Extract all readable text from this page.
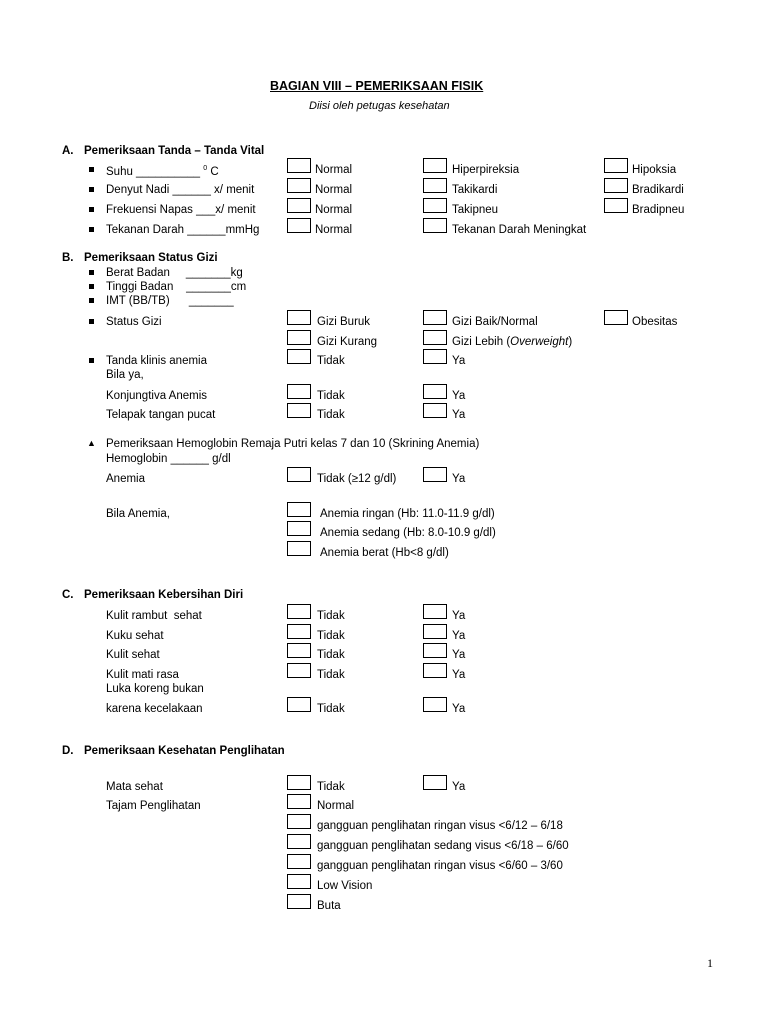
BAGIAN VIII – PEMERIKSAAN FISIK
Diisi oleh petugas kesehatan
A. Pemeriksaan Tanda – Tanda Vital
Suhu __________ $^0$ C	Normal	Hiperpireksia	Hipoksia
Denyut Nadi ______ x/ menit	Normal	Takikardi	Bradikardi
Frekuensi Napas ___x/ menit	Normal	Takipneu	Bradipneu
Tekanan Darah ______mmHg	Normal	Tekanan Darah Meningkat
B. Pemeriksaan Status Gizi
Berat Badan     _______kg
Tinggi Badan    _______cm
IMT (BB/TB)      _______
Status Gizi	Gizi Buruk	Gizi Baik/Normal	Obesitas
Gizi Kurang	Gizi Lebih (Overweight)
Tanda klinis anemia	Tidak	Ya
Bila ya,
Konjungtiva Anemis	Tidak	Ya
Telapak tangan pucat	Tidak	Ya
▲ Pemeriksaan Hemoglobin Remaja Putri kelas 7 dan 10 (Skrining Anemia)
Hemoglobin ______ g/dl
Anemia	Tidak (≥12 g/dl)	Ya
Bila Anemia,	Anemia ringan (Hb: 11.0-11.9 g/dl)
Anemia sedang (Hb: 8.0-10.9 g/dl)
Anemia berat (Hb<8 g/dl)
C. Pemeriksaan Kebersihan Diri
Kulit rambut  sehat	Tidak	Ya
Kuku sehat	Tidak	Ya
Kulit sehat	Tidak	Ya
Kulit mati rasa	Tidak	Ya
Luka koreng bukan
karena kecelakaan	Tidak	Ya
D. Pemeriksaan Kesehatan Penglihatan
Mata sehat	Tidak	Ya
Tajam Penglihatan	Normal
gangguan penglihatan ringan visus <6/12 – 6/18
gangguan penglihatan sedang visus <6/18 – 6/60
gangguan penglihatan ringan visus <6/60 – 3/60
Low Vision
Buta
1
